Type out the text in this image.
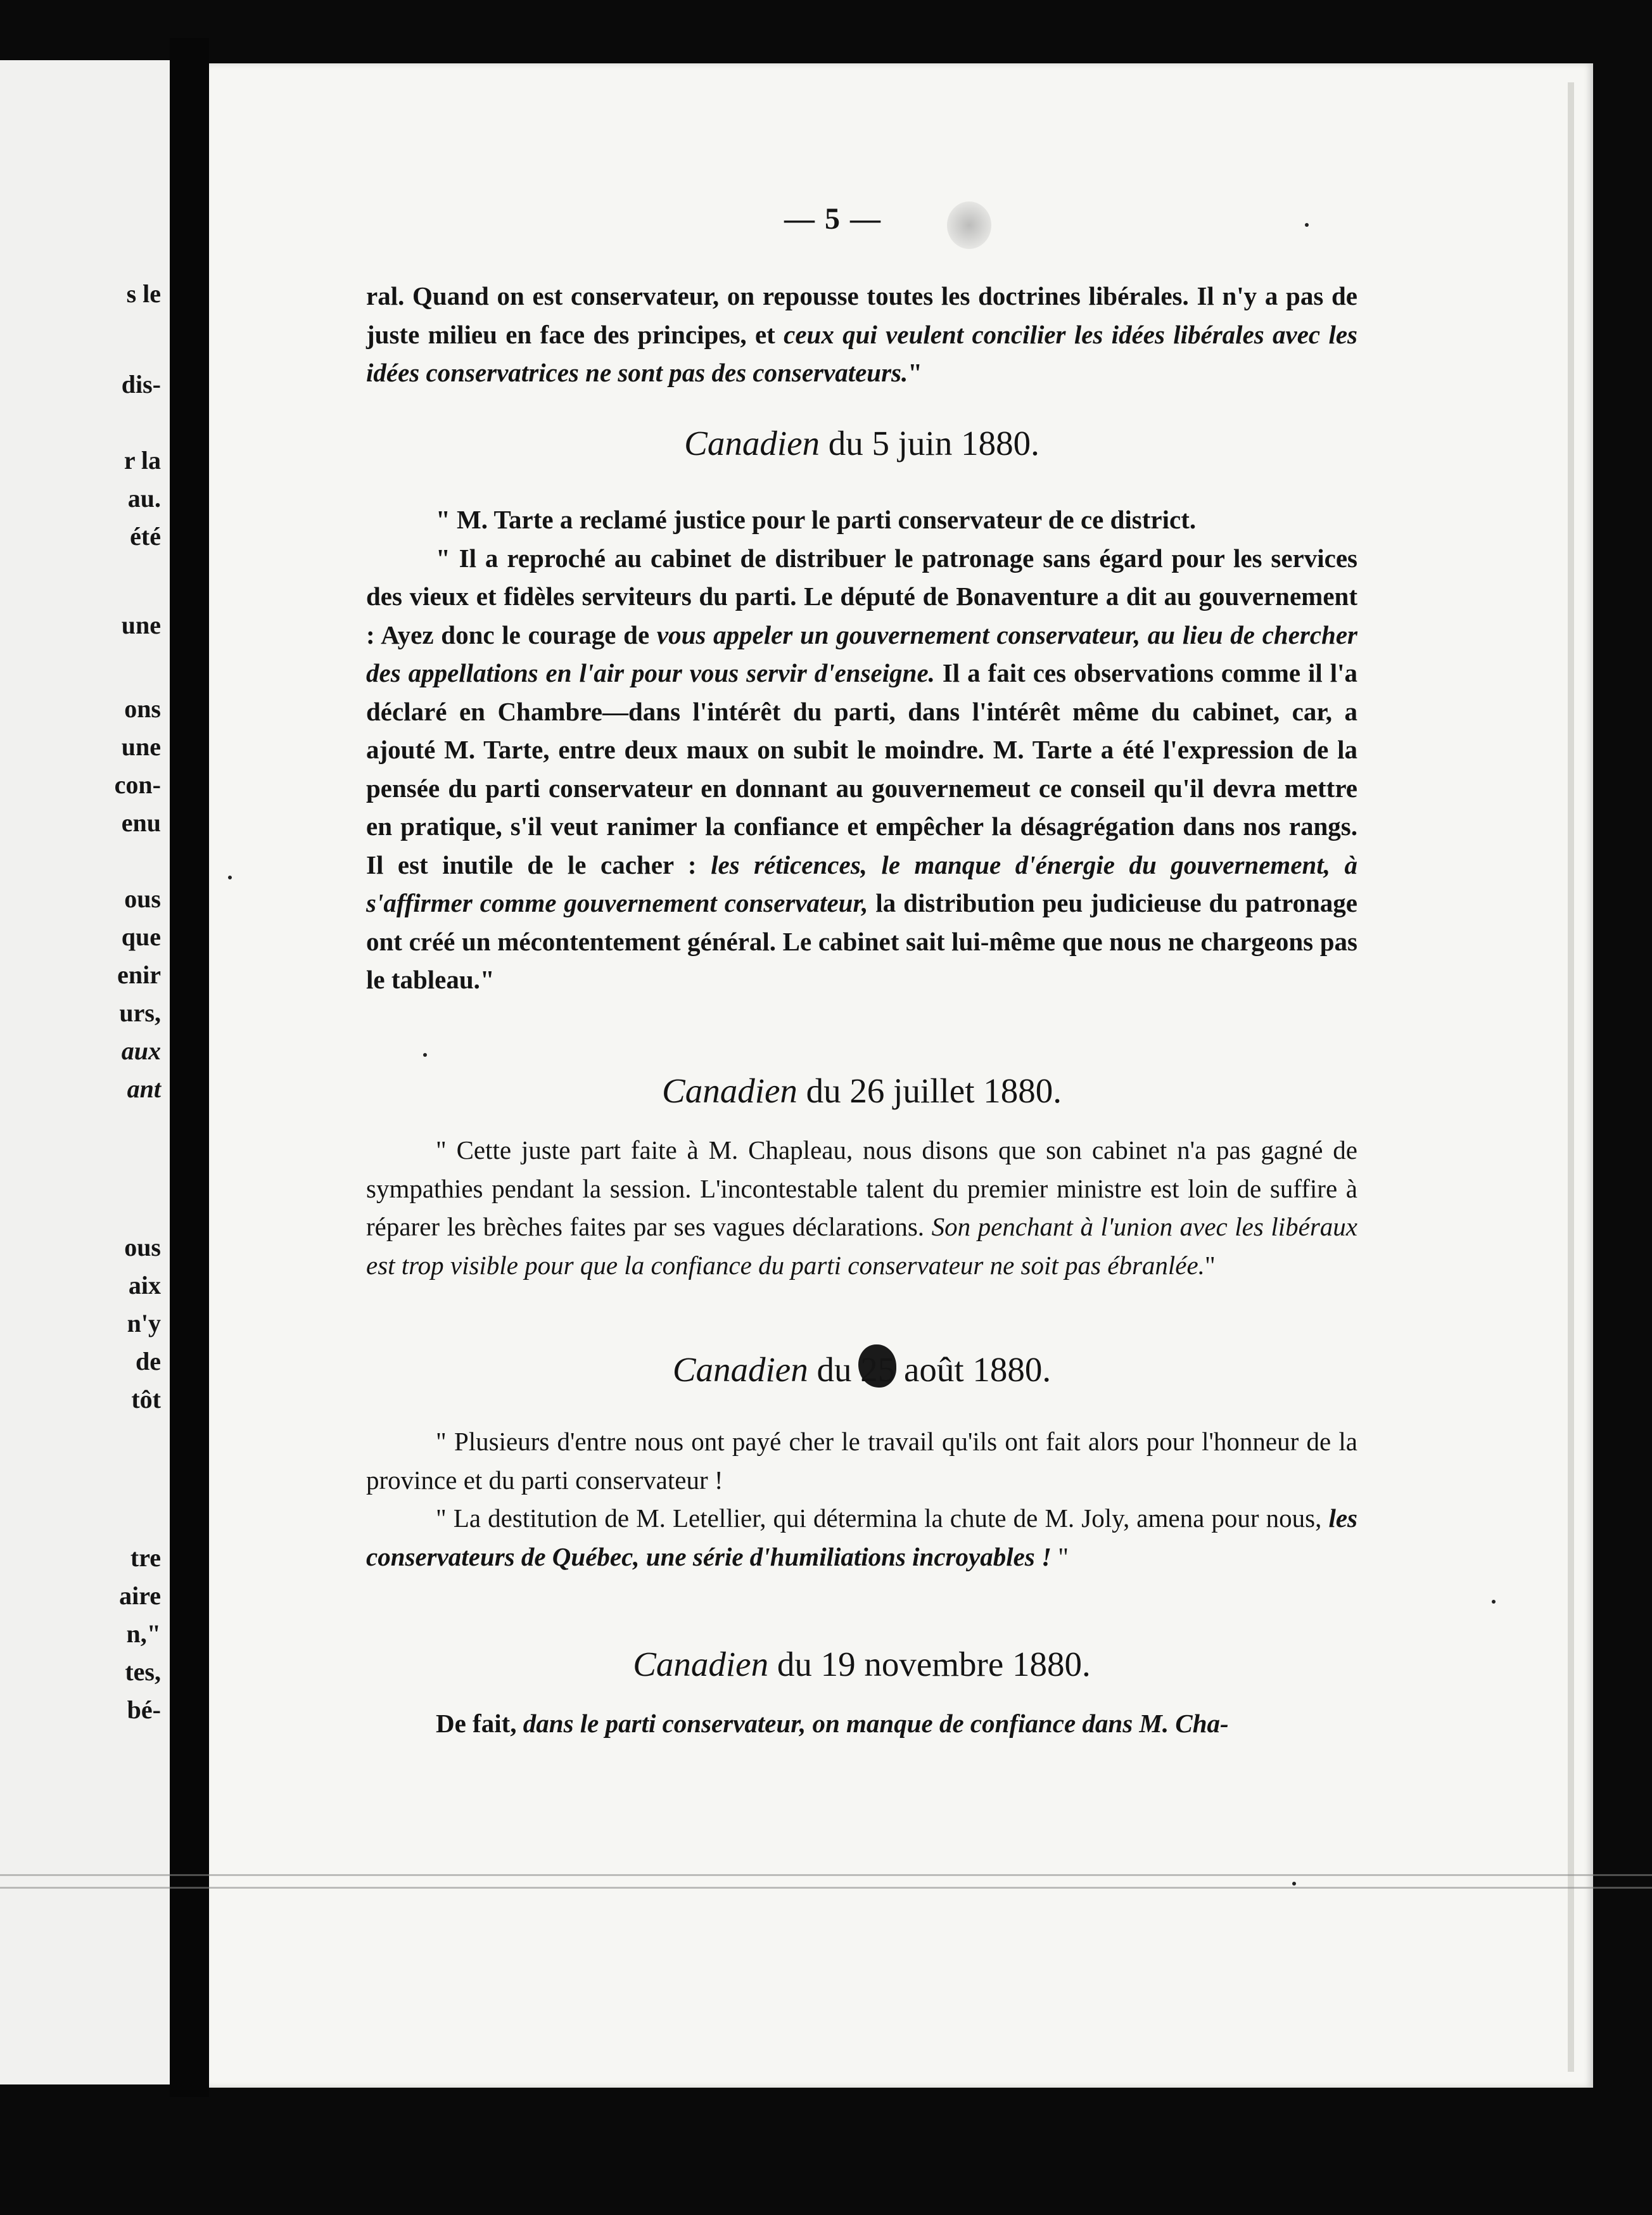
s le
dis-
r la
au.
été
une
ons
une
con-
enu
ous
que
enir
urs,
aux
ant
ous
aix
n'y
de
tôt
tre
aire
n,"
tes,
bé-
— 5 —
ral. Quand on est conservateur, on repousse toutes les doctrines libérales. Il n'y a pas de juste milieu en face des principes, et ceux qui veulent concilier les idées libérales avec les idées conservatrices ne sont pas des conservateurs."
Canadien du 5 juin 1880.
" M. Tarte a reclamé justice pour le parti conservateur de ce district.
" Il a reproché au cabinet de distribuer le patronage sans égard pour les services des vieux et fidèles serviteurs du parti. Le député de Bonaventure a dit au gouvernement : Ayez donc le courage de vous appeler un gouvernement conservateur, au lieu de chercher des appellations en l'air pour vous servir d'enseigne. Il a fait ces observations comme il l'a déclaré en Chambre—dans l'intérêt du parti, dans l'intérêt même du cabinet, car, a ajouté M. Tarte, entre deux maux on subit le moindre. M. Tarte a été l'expression de la pensée du parti conservateur en donnant au gouvernemeut ce conseil qu'il devra mettre en pratique, s'il veut ranimer la confiance et empêcher la désagrégation dans nos rangs. Il est inutile de le cacher : les réticences, le manque d'énergie du gouvernement, à s'affirmer comme gouvernement conservateur, la distribution peu judicieuse du patronage ont créé un mécontentement général. Le cabinet sait lui-même que nous ne chargeons pas le tableau."
Canadien du 26 juillet 1880.
" Cette juste part faite à M. Chapleau, nous disons que son cabinet n'a pas gagné de sympathies pendant la session. L'incontestable talent du premier ministre est loin de suffire à réparer les brèches faites par ses vagues déclarations. Son penchant à l'union avec les libéraux est trop visible pour que la confiance du parti conservateur ne soit pas ébranlée."
Canadien du 25 août 1880.
" Plusieurs d'entre nous ont payé cher le travail qu'ils ont fait alors pour l'honneur de la province et du parti conservateur !
" La destitution de M. Letellier, qui détermina la chute de M. Joly, amena pour nous, les conservateurs de Québec, une série d'humiliations incroyables ! "
Canadien du 19 novembre 1880.
De fait, dans le parti conservateur, on manque de confiance dans M. Cha-
